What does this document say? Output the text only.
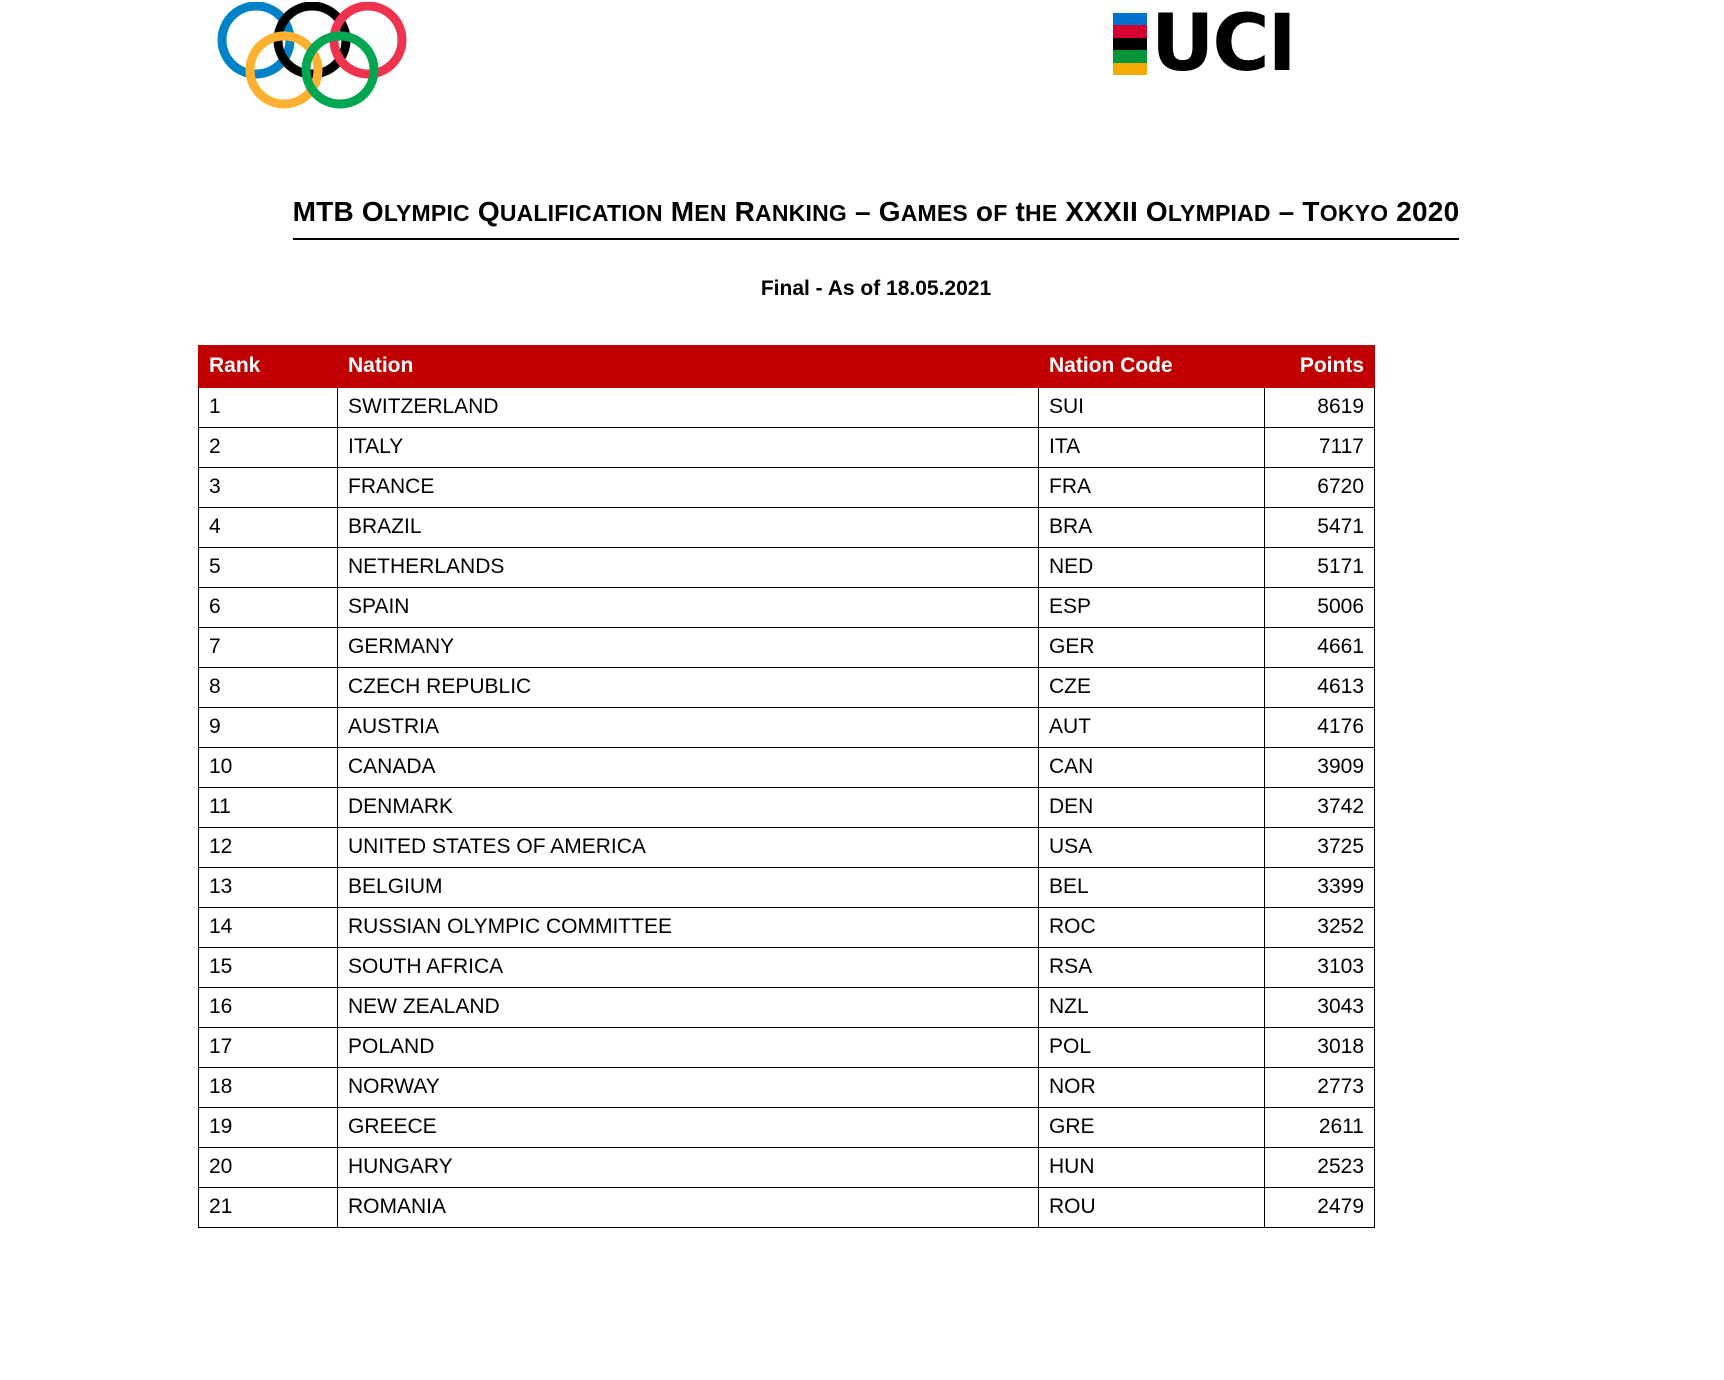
UCI
MTB OLYMPIC QUALIFICATION MEN RANKING – GAMES oF tHE XXXII OLYMPIAD – TOKYO 2020
Final - As of 18.05.2021
Rank	Nation	Nation Code	Points
1	SWITZERLAND	SUI	8619
2	ITALY	ITA	7117
3	FRANCE	FRA	6720
4	BRAZIL	BRA	5471
5	NETHERLANDS	NED	5171
6	SPAIN	ESP	5006
7	GERMANY	GER	4661
8	CZECH REPUBLIC	CZE	4613
9	AUSTRIA	AUT	4176
10	CANADA	CAN	3909
11	DENMARK	DEN	3742
12	UNITED STATES OF AMERICA	USA	3725
13	BELGIUM	BEL	3399
14	RUSSIAN OLYMPIC COMMITTEE	ROC	3252
15	SOUTH AFRICA	RSA	3103
16	NEW ZEALAND	NZL	3043
17	POLAND	POL	3018
18	NORWAY	NOR	2773
19	GREECE	GRE	2611
20	HUNGARY	HUN	2523
21	ROMANIA	ROU	2479
